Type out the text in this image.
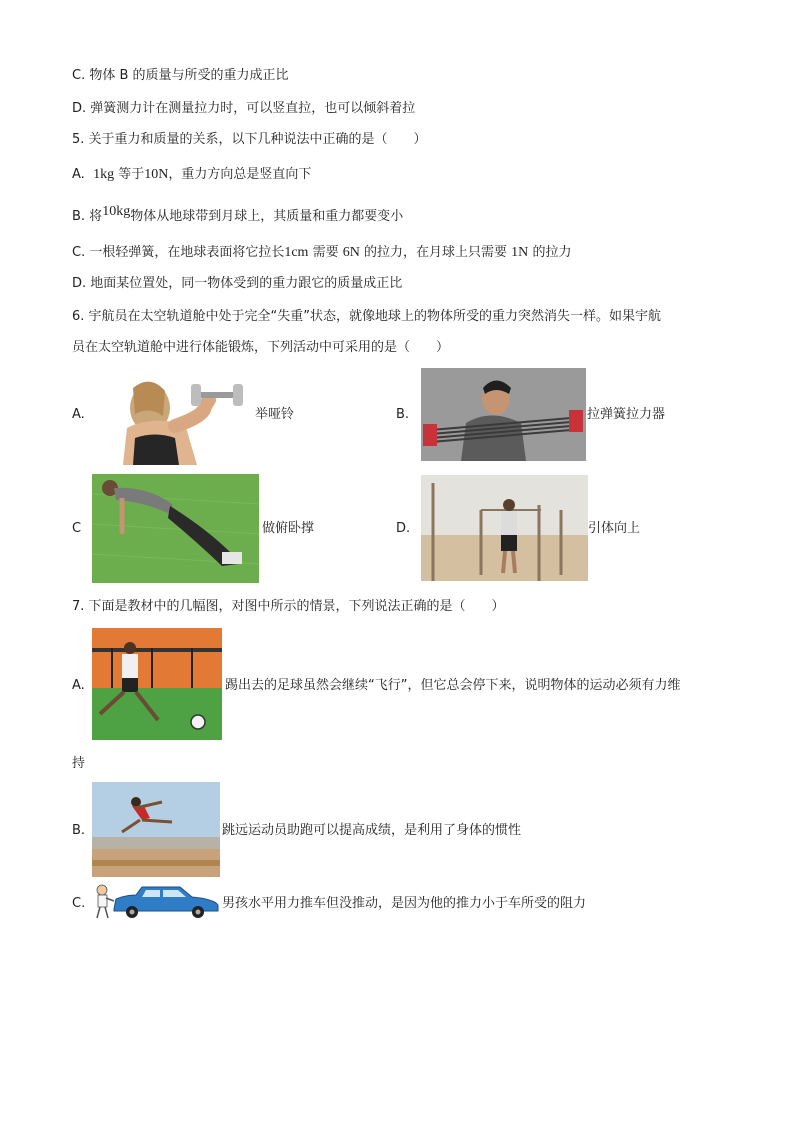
C. 物体 B 的质量与所受的重力成正比
D. 弹簧测力计在测量拉力时，可以竖直拉，也可以倾斜着拉
5. 关于重力和质量的关系，以下几种说法中正确的是（　　）
A. 1kg 等于10N，重力方向总是竖直向下
B. 将10kg物体从地球带到月球上，其质量和重力都要变小
C. 一根轻弹簧，在地球表面将它拉长1cm 需要 6N 的拉力，在月球上只需要 1N 的拉力
D. 地面某位置处，同一物体受到的重力跟它的质量成正比
6. 宇航员在太空轨道舱中处于完全“失重”状态，就像地球上的物体所受的重力突然消失一样。如果宇航
员在太空轨道舱中进行体能锻炼，下列活动中可采用的是（　　）
A.	举哑铃	B.	拉弹簧拉力器
C	做俯卧撑	D.	引体向上
7. 下面是教材中的几幅图，对图中所示的情景，下列说法正确的是（　　）
A.	踢出去的足球虽然会继续“飞行”，但它总会停下来，说明物体的运动必须有力维
持
B.	跳远运动员助跑可以提高成绩，是利用了身体的惯性
C.	男孩水平用力推车但没推动，是因为他的推力小于车所受的阻力
